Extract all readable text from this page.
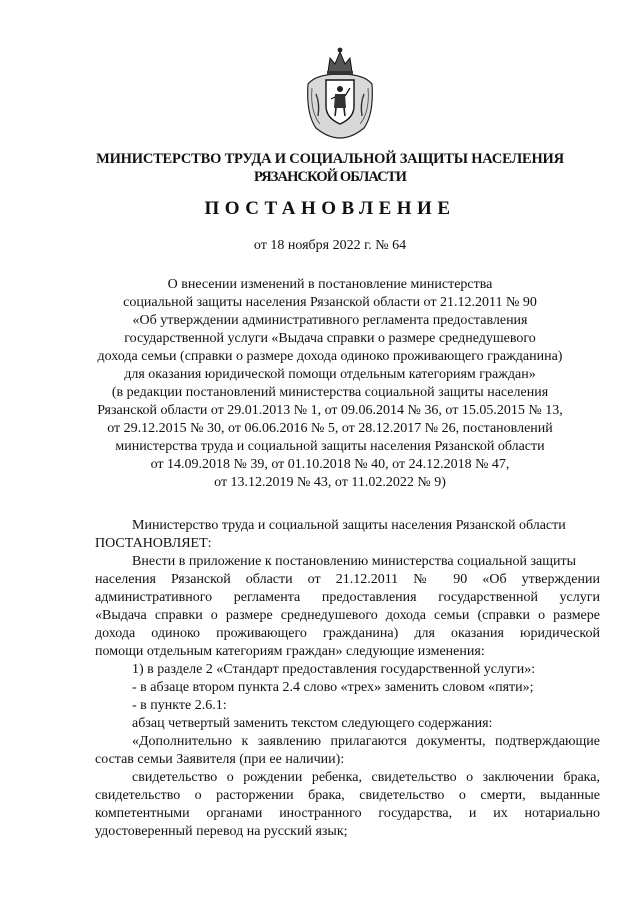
МИНИСТЕРСТВО ТРУДА И СОЦИАЛЬНОЙ ЗАЩИТЫ НАСЕЛЕНИЯ
РЯЗАНСКОЙ ОБЛАСТИ
ПОСТАНОВЛЕНИЕ
от 18 ноября 2022 г. № 64
О внесении изменений в постановление министерства
социальной защиты населения Рязанской области от 21.12.2011 № 90
«Об утверждении административного регламента предоставления
государственной услуги «Выдача справки о размере среднедушевого
дохода семьи (справки о размере дохода одиноко проживающего гражданина)
для оказания юридической помощи отдельным категориям граждан»
(в редакции постановлений министерства социальной защиты населения
Рязанской области от 29.01.2013 № 1, от 09.06.2014 № 36, от 15.05.2015 № 13,
от 29.12.2015 № 30, от 06.06.2016 № 5, от 28.12.2017 № 26, постановлений
министерства труда и социальной защиты населения Рязанской области
от 14.09.2018 № 39, от 01.10.2018 № 40, от 24.12.2018 № 47,
от 13.12.2019 № 43, от 11.02.2022 № 9)
Министерство труда и социальной защиты населения Рязанской области
ПОСТАНОВЛЯЕТ:
Внести в приложение к постановлению министерства социальной защиты
населения Рязанской области от 21.12.2011 № 90 «Об утверждении
административного регламента предоставления государственной услуги
«Выдача справки о размере среднедушевого дохода семьи (справки о размере
дохода одиноко проживающего гражданина) для оказания юридической
помощи отдельным категориям граждан» следующие изменения:
1) в разделе 2 «Стандарт предоставления государственной услуги»:
- в абзаце втором пункта 2.4 слово «трех» заменить словом «пяти»;
- в пункте 2.6.1:
абзац четвертый заменить текстом следующего содержания:
«Дополнительно к заявлению прилагаются документы, подтверждающие
состав семьи Заявителя (при ее наличии):
свидетельство о рождении ребенка, свидетельство о заключении брака,
свидетельство о расторжении брака, свидетельство о смерти, выданные
компетентными органами иностранного государства, и их нотариально
удостоверенный перевод на русский язык;
